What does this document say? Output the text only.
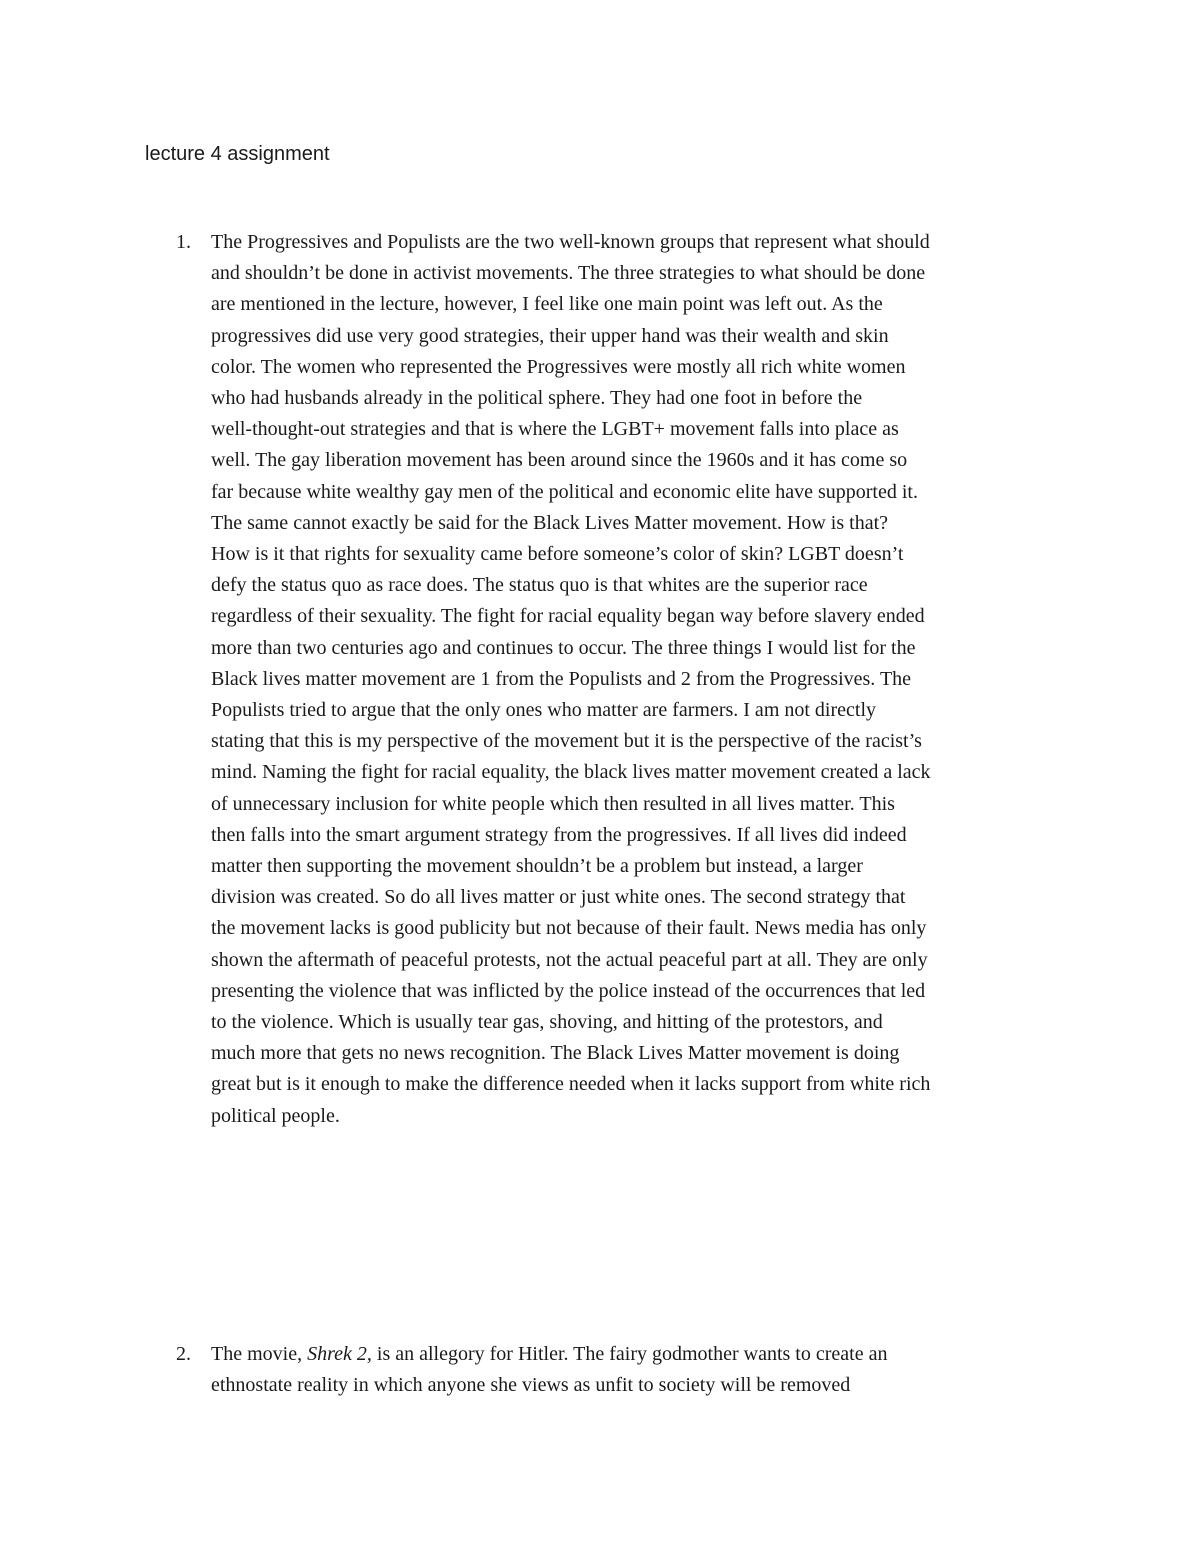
lecture 4 assignment
1. The Progressives and Populists are the two well-known groups that represent what should
and shouldn’t be done in activist movements. The three strategies to what should be done
are mentioned in the lecture, however, I feel like one main point was left out. As the
progressives did use very good strategies, their upper hand was their wealth and skin
color. The women who represented the Progressives were mostly all rich white women
who had husbands already in the political sphere. They had one foot in before the
well-thought-out strategies and that is where the LGBT+ movement falls into place as
well. The gay liberation movement has been around since the 1960s and it has come so
far because white wealthy gay men of the political and economic elite have supported it.
The same cannot exactly be said for the Black Lives Matter movement. How is that?
How is it that rights for sexuality came before someone’s color of skin? LGBT doesn’t
defy the status quo as race does. The status quo is that whites are the superior race
regardless of their sexuality. The fight for racial equality began way before slavery ended
more than two centuries ago and continues to occur. The three things I would list for the
Black lives matter movement are 1 from the Populists and 2 from the Progressives. The
Populists tried to argue that the only ones who matter are farmers. I am not directly
stating that this is my perspective of the movement but it is the perspective of the racist’s
mind. Naming the fight for racial equality, the black lives matter movement created a lack
of unnecessary inclusion for white people which then resulted in all lives matter. This
then falls into the smart argument strategy from the progressives. If all lives did indeed
matter then supporting the movement shouldn’t be a problem but instead, a larger
division was created. So do all lives matter or just white ones. The second strategy that
the movement lacks is good publicity but not because of their fault. News media has only
shown the aftermath of peaceful protests, not the actual peaceful part at all. They are only
presenting the violence that was inflicted by the police instead of the occurrences that led
to the violence. Which is usually tear gas, shoving, and hitting of the protestors, and
much more that gets no news recognition. The Black Lives Matter movement is doing
great but is it enough to make the difference needed when it lacks support from white rich
political people.
2. The movie, Shrek 2, is an allegory for Hitler. The fairy godmother wants to create an
ethnostate reality in which anyone she views as unfit to society will be removed
